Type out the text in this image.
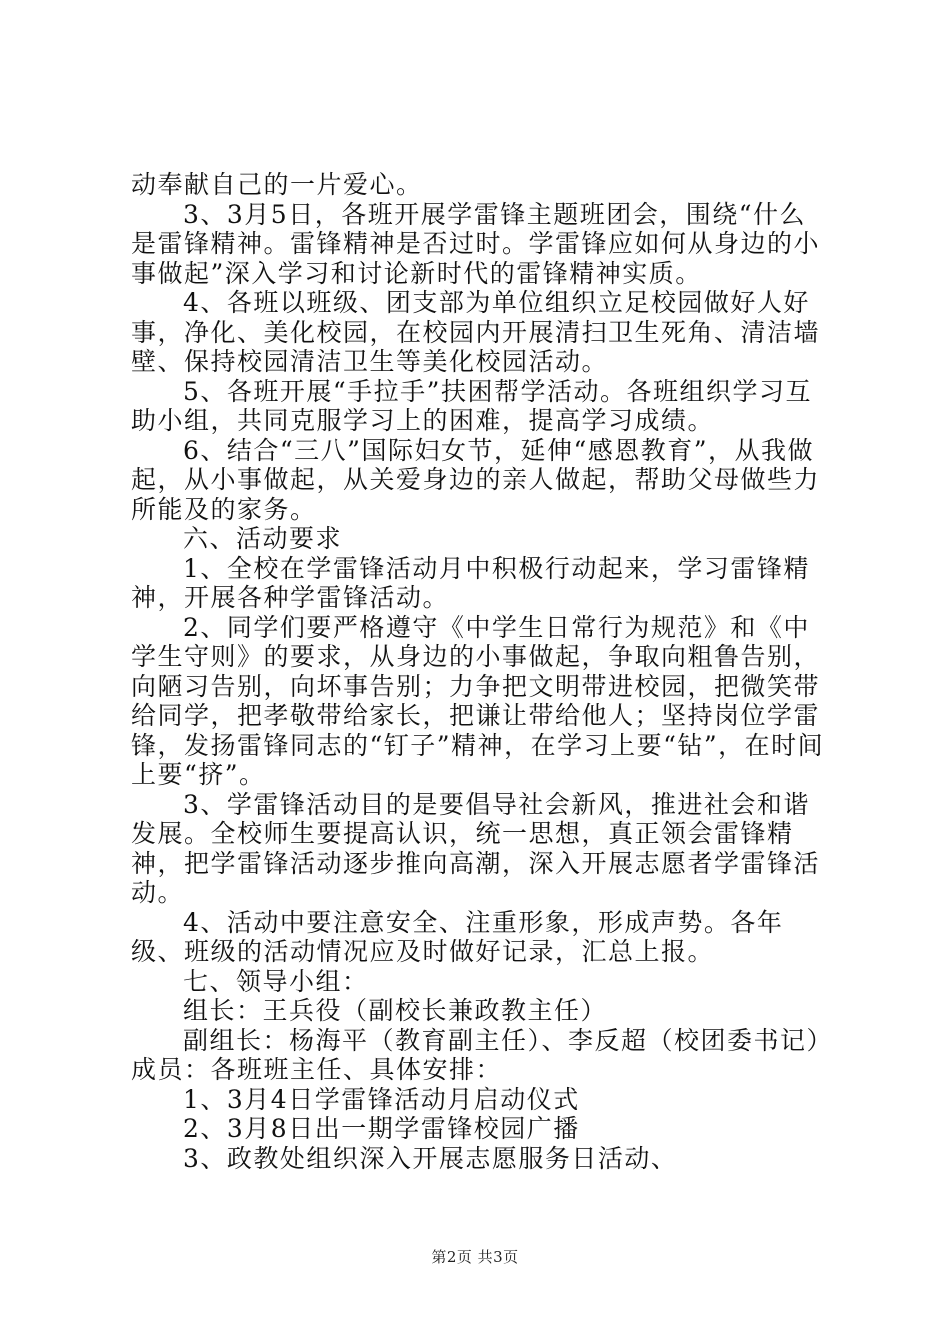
动奉献自己的一片爱心。

3、3月5日，各班开展学雷锋主题班团会，围绕“什么是雷锋精神。雷锋精神是否过时。学雷锋应如何从身边的小事做起”深入学习和讨论新时代的雷锋精神实质。

4、各班以班级、团支部为单位组织立足校园做好人好事，净化、美化校园，在校园内开展清扫卫生死角、清洁墙壁、保持校园清洁卫生等美化校园活动。

5、各班开展“手拉手”扶困帮学活动。各班组织学习互助小组，共同克服学习上的困难，提高学习成绩。

6、结合“三八”国际妇女节，延伸“感恩教育”，从我做起，从小事做起，从关爱身边的亲人做起，帮助父母做些力所能及的家务。

六、活动要求

1、全校在学雷锋活动月中积极行动起来，学习雷锋精神，开展各种学雷锋活动。

2、同学们要严格遵守《中学生日常行为规范》和《中学生守则》的要求，从身边的小事做起，争取向粗鲁告别，向陋习告别，向坏事告别；力争把文明带进校园，把微笑带给同学，把孝敬带给家长，把谦让带给他人；坚持岗位学雷锋，发扬雷锋同志的“钉子”精神，在学习上要“钻”，在时间上要“挤”。

3、学雷锋活动目的是要倡导社会新风，推进社会和谐发展。全校师生要提高认识，统一思想，真正领会雷锋精神，把学雷锋活动逐步推向高潮，深入开展志愿者学雷锋活动。

4、活动中要注意安全、注重形象，形成声势。各年级、班级的活动情况应及时做好记录，汇总上报。

七、领导小组：

组长：王兵役（副校长兼政教主任）

副组长：杨海平（教育副主任）、李反超（校团委书记）成员：各班班主任、具体安排：

1、3月4日学雷锋活动月启动仪式

2、3月8日出一期学雷锋校园广播

3、政教处组织深入开展志愿服务日活动、

第2页 共3页
